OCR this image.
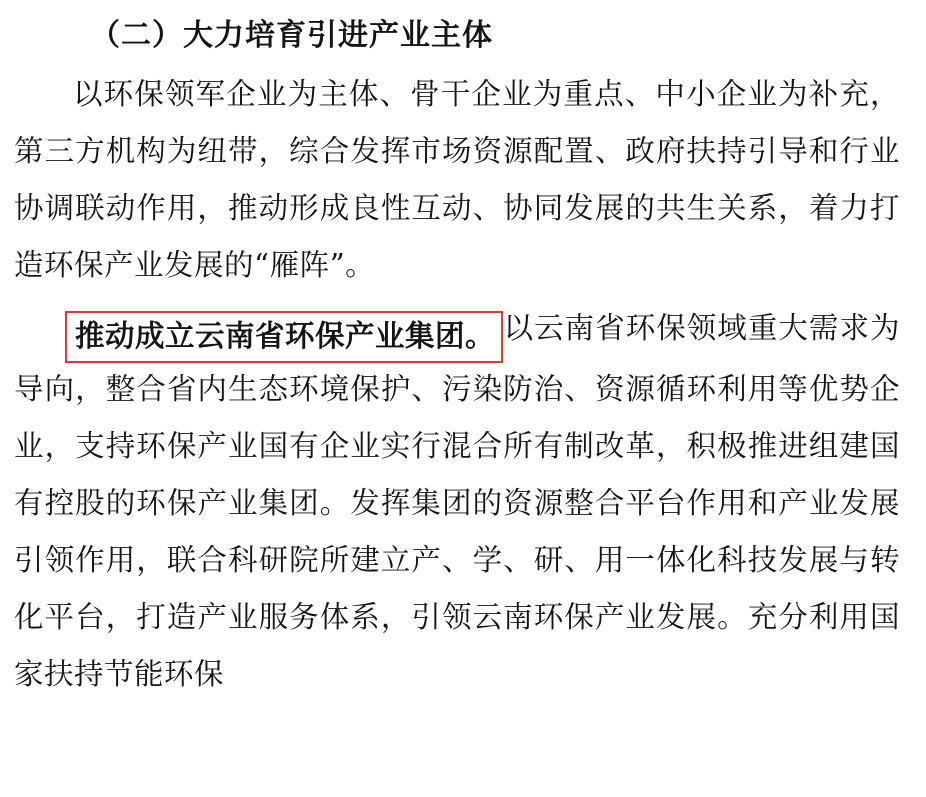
（二）大力培育引进产业主体

以环保领军企业为主体、骨干企业为重点、中小企业为补充，第三方机构为纽带，综合发挥市场资源配置、政府扶持引导和行业协调联动作用，推动形成良性互动、协同发展的共生关系，着力打造环保产业发展的“雁阵”。

推动成立云南省环保产业集团。 以云南省环保领域重大需求为导向，整合省内生态环境保护、污染防治、资源循环利用等优势企业，支持环保产业国有企业实行混合所有制改革，积极推进组建国有控股的环保产业集团。发挥集团的资源整合平台作用和产业发展引领作用，联合科研院所建立产、学、研、用一体化科技发展与转化平台，打造产业服务体系，引领云南环保产业发展。充分利用国家扶持节能环保
